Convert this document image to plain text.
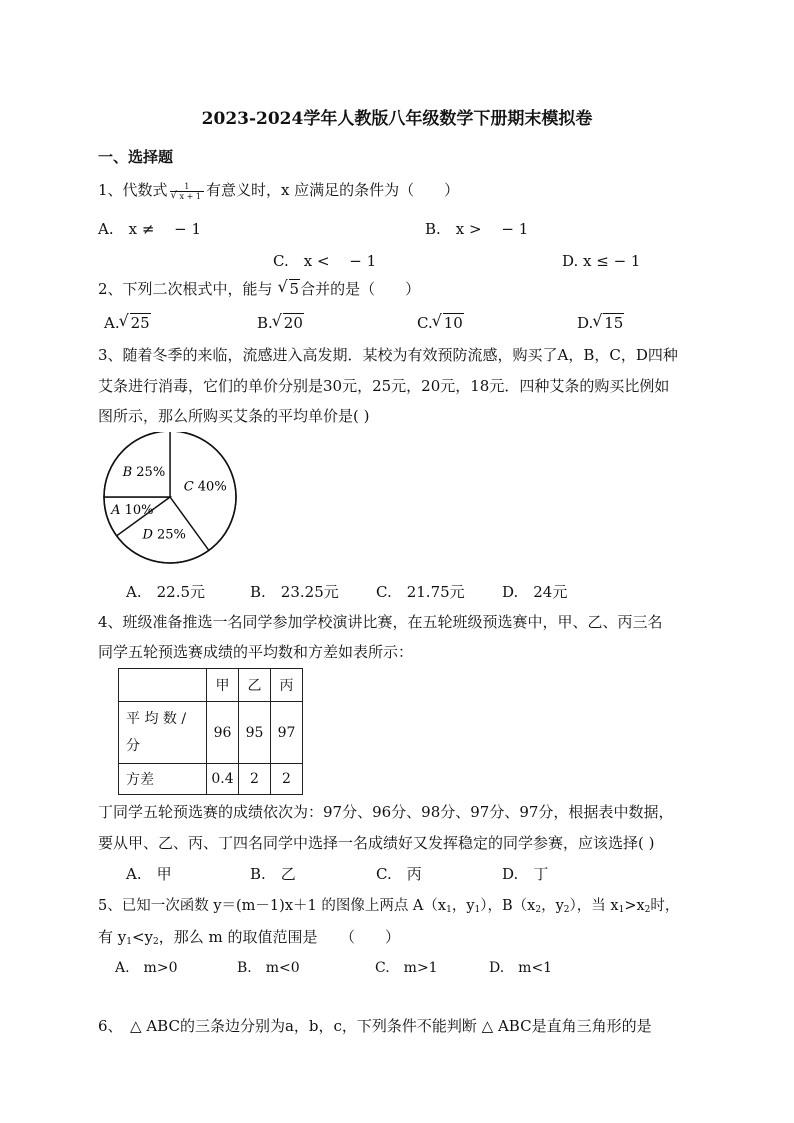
2023-2024学年人教版八年级数学下册期末模拟卷
一、选择题
1、代数式 1
√ x + 1 有意义时，x 应满足的条件为（　　）
A.　x ≠　 − 1	B.　x >　 − 1
C.　x <　 − 1	D. x ≤ − 1
2、下列二次根式中，能与 √ 5合并的是（　　）
A. √ 25	B. √ 20	C. √ 10	D. √ 15
3、随着冬季的来临，流感进入高发期．某校为有效预防流感，购买了A，B，C，D四种
艾条进行消毒，它们的单价分别是30元，25元，20元，18元．四种艾条的购买比例如
图所示，那么所购买艾条的平均单价是( )
C 40%
D 25%
A 10%
B 25%
A.　22.5元	B.　23.25元 C.　21.75元 D.　24元
4、班级准备推选一名同学参加学校演讲比赛，在五轮班级预选赛中，甲、乙、丙三名
同学五轮预选赛成绩的平均数和方差如表所示：
	甲	乙	丙

平 均 数 /
分	96	95	97
方差	0.4	2	2
丁同学五轮预选赛的成绩依次为：97分、96分、98分、97分、97分，根据表中数据，
要从甲、乙、丙、丁四名同学中选择一名成绩好又发挥稳定的同学参赛，应该选择( )
A.　甲	B.　乙	C.　丙	D.　丁
5、已知一次函数 y＝(m－1)x＋1 的图像上两点 $A(x_1$，$y_1$），$B(x_2$，$y_2$），当 $x_1>x_2$时，
有 $y_1<y_2$，那么 m 的取值范围是　　（　　）
A.　m>0	B.　m<0	C.　m>1	D.　m<1
6、　△ ABC的三条边分别为a，b，c，下列条件不能判断 △ ABC是直角三角形的是
